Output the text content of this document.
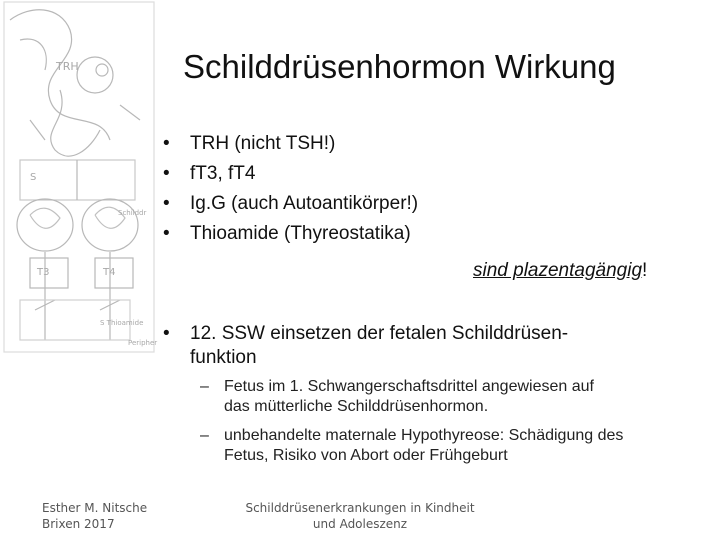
TRH
S
T3	T4
S Thioamide
Peripher
Schilddr
Schilddrüsenhormon Wirkung
• TRH (nicht TSH!)
• fT3, fT4
• Ig.G (auch Autoantikörper!)
• Thioamide (Thyreostatika)
sind plazentagängig!
• 12. SSW einsetzen der fetalen Schilddrüsen-
funktion
– Fetus im 1. Schwangerschaftsdrittel angewiesen auf
das mütterliche Schilddrüsenhormon.
– unbehandelte maternale Hypothyreose: Schädigung des
Fetus, Risiko von Abort oder Frühgeburt
Esther M. Nitsche
Brixen 2017
Schilddrüsenerkrankungen in Kindheit
und Adoleszenz
